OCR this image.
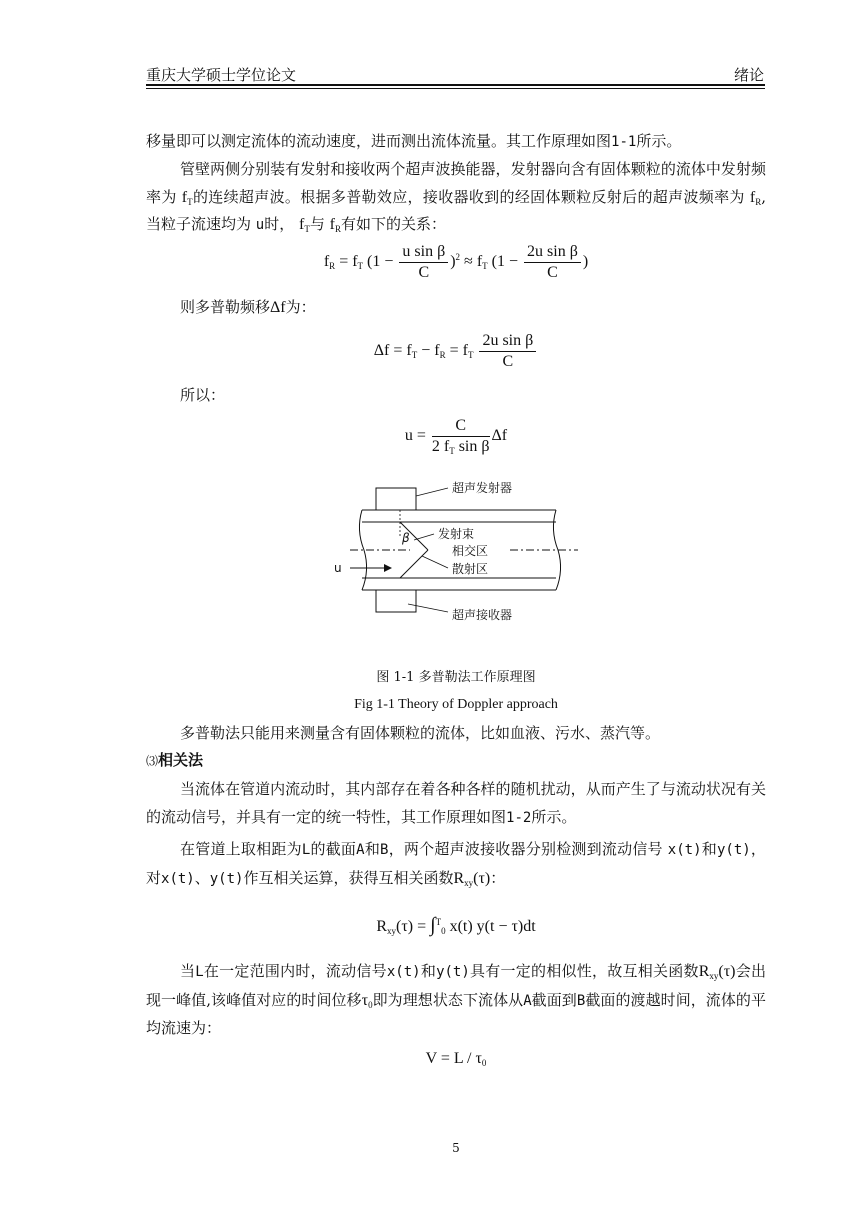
重庆大学硕士学位论文	绪论

移量即可以测定流体的流动速度，进而测出流体流量。其工作原理如图1-1所示。

管壁两侧分别装有发射和接收两个超声波换能器，发射器向含有固体颗粒的流体中发射频率为 $f_T$的连续超声波。根据多普勒效应，接收器收到的经固体颗粒反射后的超声波频率为 $f_R$,当粒子流速均为 u时， $f_T$与 $f_R$有如下的关系：

$f_R = f_T$ $(1 - \frac{\text{u sin β}}{C} )^2 \approx f_T$ ($1 - \frac{\text{2u sin β}}{C}$ )

则多普勒频移Δf为：

$\Delta f = f_T - f_R = f_T \frac{\text{2u sin β}}{C}$

所以：

$u = \frac{C}{2 f_T \sin \beta}$ Δf
β
u
超声发射器
发射束
相交区
散射区
超声接收器
图 1-1 多普勒法工作原理图
Fig 1-1 Theory of Doppler approach

多普勒法只能用来测量含有固体颗粒的流体，比如血液、污水、蒸汽等。

⑶相关法

当流体在管道内流动时，其内部存在着各种各样的随机扰动，从而产生了与流动状况有关的流动信号，并具有一定的统一特性，其工作原理如图1-2所示。

在管道上取相距为L的截面A和B，两个超声波接收器分别检测到流动信号 x(t)和y(t)，对x(t)、y(t)作互相关运算，获得互相关函数$R_{xy}(\tau)$：

$R_{xy}(\tau) = \int^T_0$ x(t) y(t − τ)dt

当L在一定范围内时，流动信号x(t)和y(t)具有一定的相似性，故互相关函数$R_{xy}(\tau)$会出现一峰值,该峰值对应的时间位移$\tau_0$即为理想状态下流体从A截面到B截面的渡越时间，流体的平均流速为：

$V = L / \tau_0$
5
